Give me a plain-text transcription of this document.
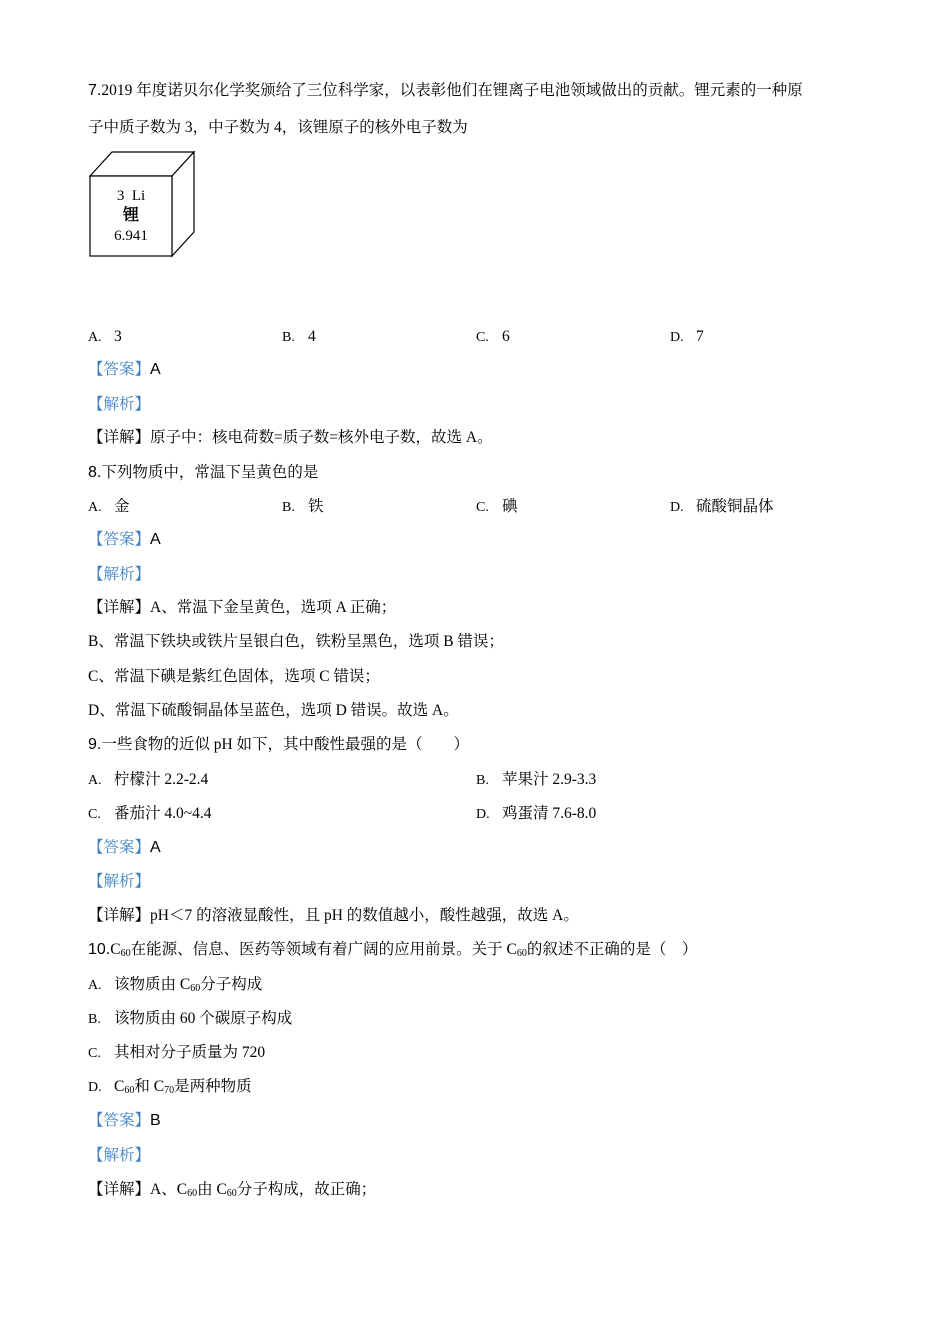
7.2019 年度诺贝尔化学奖颁给了三位科学家，以表彰他们在锂离子电池领域做出的贡献。锂元素的一种原
子中质子数为 3，中子数为 4，该锂原子的核外电子数为
3 Li
锂
6.941
A. 3	B. 4	C. 6	D. 7
【答案】A
【解析】
【详解】原子中：核电荷数=质子数=核外电子数，故选 A。
8.下列物质中，常温下呈黄色的是
A. 金	B. 铁	C. 碘	D. 硫酸铜晶体
【答案】A
【解析】
【详解】A、常温下金呈黄色，选项 A 正确；
B、常温下铁块或铁片呈银白色，铁粉呈黑色，选项 B 错误；
C、常温下碘是紫红色固体，选项 C 错误；
D、常温下硫酸铜晶体呈蓝色，选项 D 错误。故选 A。
9.一些食物的近似 pH 如下，其中酸性最强的是（　　）
A. 柠檬汁 2.2-2.4	B. 苹果汁 2.9-3.3
C. 番茄汁 4.0~4.4	D. 鸡蛋清 7.6-8.0
【答案】A
【解析】
【详解】pH＜7 的溶液显酸性，且 pH 的数值越小，酸性越强，故选 A。
$10.C_{60}$在能源、信息、医药等领域有着广阔的应用前景。关于 $C_{60}$的叙述不正确的是（　）
A. 该物质由 $C_{60}$分子构成
B. 该物质由 60 个碳原子构成
C. 其相对分子质量为 720
D. $C_{60}$和 $C_{70}$是两种物质
【答案】B
【解析】
【详解】A、$C_{60}$由 $C_{60}$分子构成，故正确；
